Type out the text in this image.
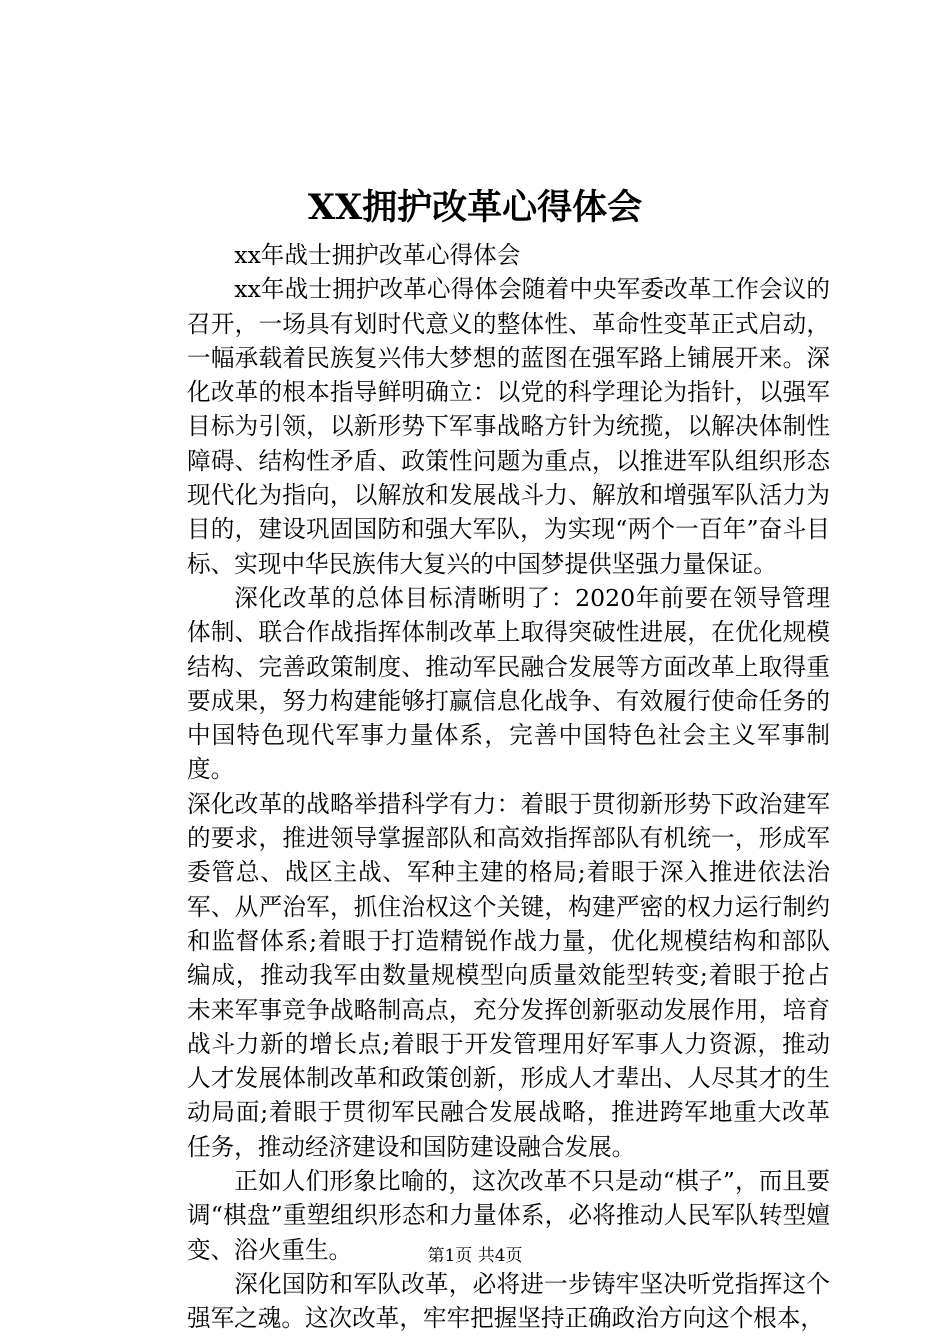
XX拥护改革心得体会

xx年战士拥护改革心得体会

xx年战士拥护改革心得体会随着中央军委改革工作会议的召开，一场具有划时代意义的整体性、革命性变革正式启动，一幅承载着民族复兴伟大梦想的蓝图在强军路上铺展开来。深化改革的根本指导鲜明确立：以党的科学理论为指针，以强军目标为引领，以新形势下军事战略方针为统揽，以解决体制性障碍、结构性矛盾、政策性问题为重点，以推进军队组织形态现代化为指向，以解放和发展战斗力、解放和增强军队活力为目的，建设巩固国防和强大军队，为实现“两个一百年”奋斗目标、实现中华民族伟大复兴的中国梦提供坚强力量保证。

深化改革的总体目标清晰明了：2020年前要在领导管理体制、联合作战指挥体制改革上取得突破性进展，在优化规模结构、完善政策制度、推动军民融合发展等方面改革上取得重要成果，努力构建能够打赢信息化战争、有效履行使命任务的中国特色现代军事力量体系，完善中国特色社会主义军事制度。

深化改革的战略举措科学有力：着眼于贯彻新形势下政治建军的要求，推进领导掌握部队和高效指挥部队有机统一，形成军委管总、战区主战、军种主建的格局;着眼于深入推进依法治军、从严治军，抓住治权这个关键，构建严密的权力运行制约和监督体系;着眼于打造精锐作战力量，优化规模结构和部队编成，推动我军由数量规模型向质量效能型转变;着眼于抢占未来军事竞争战略制高点，充分发挥创新驱动发展作用，培育战斗力新的增长点;着眼于开发管理用好军事人力资源，推动人才发展体制改革和政策创新，形成人才辈出、人尽其才的生动局面;着眼于贯彻军民融合发展战略，推进跨军地重大改革任务，推动经济建设和国防建设融合发展。

正如人们形象比喻的，这次改革不只是动“棋子”，而且要调“棋盘”重塑组织形态和力量体系，必将推动人民军队转型嬗变、浴火重生。

深化国防和军队改革，必将进一步铸牢坚决听党指挥这个强军之魂。这次改革，牢牢把握坚持正确政治方向这个根本，

第1页 共4页
